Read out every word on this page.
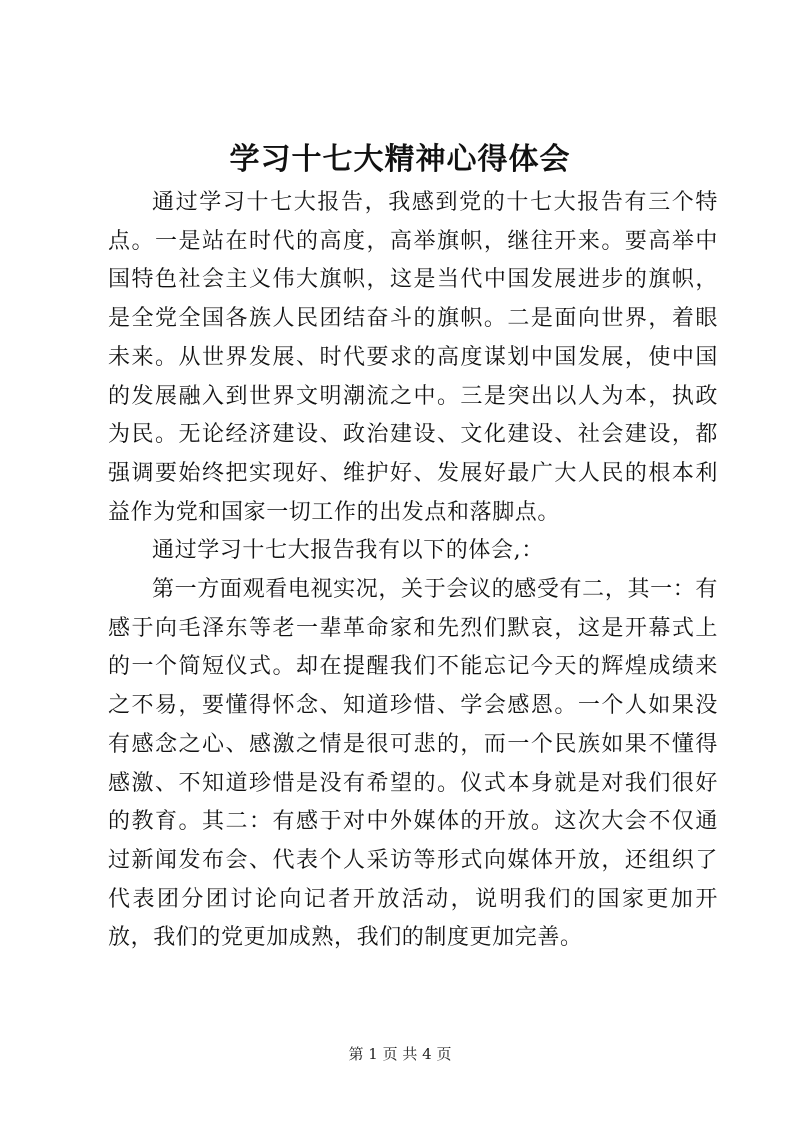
学习十七大精神心得体会

通过学习十七大报告，我感到党的十七大报告有三个特点。一是站在时代的高度，高举旗帜，继往开来。要高举中国特色社会主义伟大旗帜，这是当代中国发展进步的旗帜，是全党全国各族人民团结奋斗的旗帜。二是面向世界，着眼未来。从世界发展、时代要求的高度谋划中国发展，使中国的发展融入到世界文明潮流之中。三是突出以人为本，执政为民。无论经济建设、政治建设、文化建设、社会建设，都强调要始终把实现好、维护好、发展好最广大人民的根本利益作为党和国家一切工作的出发点和落脚点。

通过学习十七大报告我有以下的体会,：

第一方面观看电视实况，关于会议的感受有二，其一：有感于向毛泽东等老一辈革命家和先烈们默哀，这是开幕式上的一个简短仪式。却在提醒我们不能忘记今天的辉煌成绩来之不易，要懂得怀念、知道珍惜、学会感恩。一个人如果没有感念之心、感激之情是很可悲的，而一个民族如果不懂得感激、不知道珍惜是没有希望的。仪式本身就是对我们很好的教育。其二：有感于对中外媒体的开放。这次大会不仅通过新闻发布会、代表个人采访等形式向媒体开放，还组织了代表团分团讨论向记者开放活动，说明我们的国家更加开放，我们的党更加成熟，我们的制度更加完善。

第 1 页 共 4 页
